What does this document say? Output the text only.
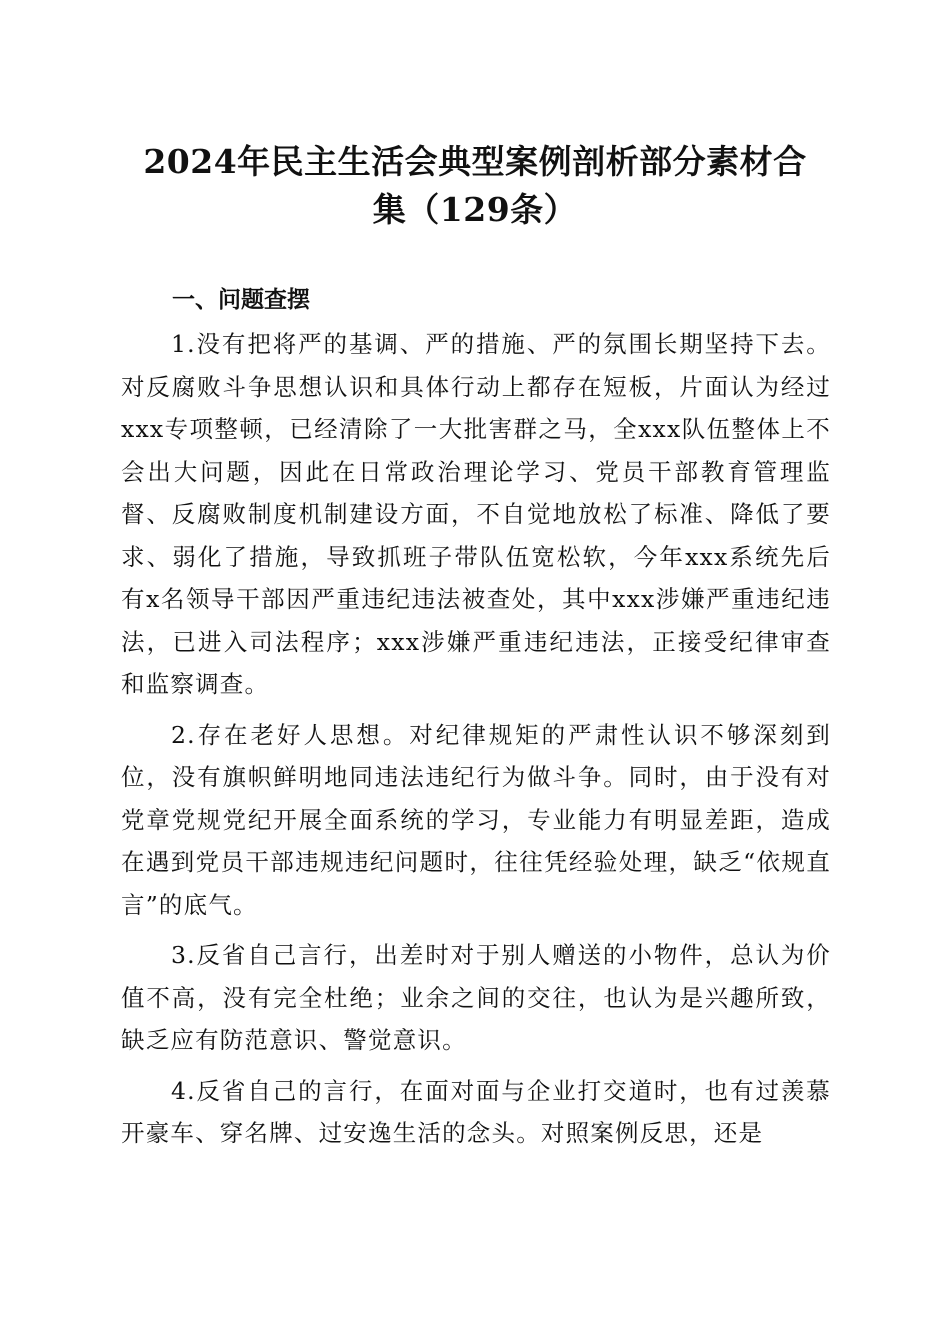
2024年民主生活会典型案例剖析部分素材合
集（129条）
一、问题查摆

1.没有把将严的基调、严的措施、严的氛围长期坚持下去。对反腐败斗争思想认识和具体行动上都存在短板，片面认为经过xxx专项整顿，已经清除了一大批害群之马，全xxx队伍整体上不会出大问题，因此在日常政治理论学习、党员干部教育管理监督、反腐败制度机制建设方面，不自觉地放松了标准、降低了要求、弱化了措施，导致抓班子带队伍宽松软，今年xxx系统先后有x名领导干部因严重违纪违法被查处，其中xxx涉嫌严重违纪违法，已进入司法程序；xxx涉嫌严重违纪违法，正接受纪律审查和监察调查。

2.存在老好人思想。对纪律规矩的严肃性认识不够深刻到位，没有旗帜鲜明地同违法违纪行为做斗争。同时，由于没有对党章党规党纪开展全面系统的学习，专业能力有明显差距，造成在遇到党员干部违规违纪问题时，往往凭经验处理，缺乏“依规直言”的底气。

3.反省自己言行，出差时对于别人赠送的小物件，总认为价值不高，没有完全杜绝；业余之间的交往，也认为是兴趣所致，缺乏应有防范意识、警觉意识。

4.反省自己的言行，在面对面与企业打交道时，也有过羡慕开豪车、穿名牌、过安逸生活的念头。对照案例反思，还是
